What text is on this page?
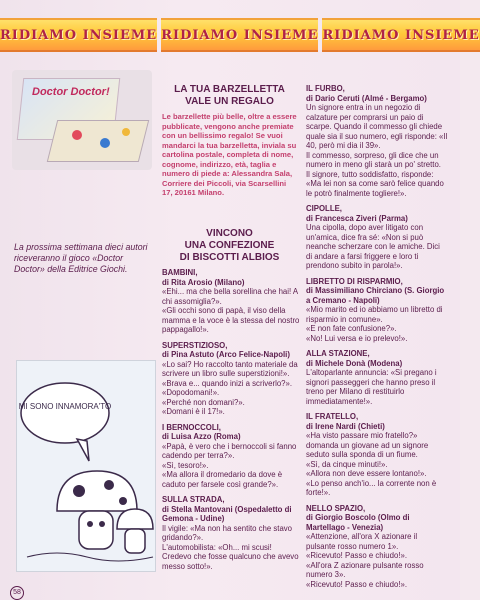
RIDIAMO INSIEME RIDIAMO INSIEME RIDIAMO INSIEME
Doctor Doctor!
La prossima settimana dieci autori riceveranno il gioco «Doctor Doctor» della Editrice Giochi.
LA TUA BARZELLETTA
VALE UN REGALO
Le barzellette più belle, oltre a essere pubblicate, vengono anche premiate con un bellissimo regalo! Se vuoi mandarci la tua barzelletta, inviala su cartolina postale, completa di nome, cognome, indirizzo, età, taglia e numero di piede a: Alessandra Sala, Corriere dei Piccoli, via Scarsellini 17, 20161 Milano.
VINCONO
UNA CONFEZIONE
DI BISCOTTI ALBIOS
BAMBINI,
di Rita Arosio (Milano)
«Ehi... ma che bella sorellina che hai! A chi assomiglia?».
«Gli occhi sono di papà, il viso della mamma e la voce è la stessa del nostro pappagallo!».
SUPERSTIZIOSO,
di Pina Astuto (Arco Felice-Napoli)
«Lo sai? Ho raccolto tanto materiale da scrivere un libro sulle superstizioni!».
«Brava e... quando inizi a scriverlo?».
«Dopodomani!».
«Perché non domani?».
«Domani è il 17!».
I BERNOCCOLI,
di Luisa Azzo (Roma)
«Papà, è vero che i bernoccoli si fanno cadendo per terra?».
«Sì, tesoro!».
«Ma allora il dromedario da dove è caduto per farsele così grande?».
SULLA STRADA,
di Stella Mantovani (Ospedaletto di Gemona - Udine)
Il vigile: «Ma non ha sentito che stavo gridando?».
L'automobilista: «Oh... mi scusi! Credevo che fosse qualcuno che avevo messo sotto!».
IL FURBO,
di Dario Ceruti (Almé - Bergamo)
Un signore entra in un negozio di calzature per comprarsi un paio di scarpe. Quando il commesso gli chiede quale sia il suo numero, egli risponde: «Il 40, però mi dia il 39».
Il commesso, sorpreso, gli dice che un numero in meno gli starà un po' stretto.
Il signore, tutto soddisfatto, risponde: «Ma lei non sa come sarò felice quando le potrò finalmente togliere!».
CIPOLLE,
di Francesca Ziveri (Parma)
Una cipolla, dopo aver litigato con un'amica, dice fra sé: «Non si può neanche scherzare con le amiche. Dici di andare a farsi friggere e loro ti prendono subito in parola!».
LIBRETTO DI RISPARMIO,
di Massimiliano Chirciano (S. Giorgio a Cremano - Napoli)
«Mio marito ed io abbiamo un libretto di risparmio in comune».
«E non fate confusione?».
«No! Lui versa e io prelevo!».
ALLA STAZIONE,
di Michele Donà (Modena)
L'altoparlante annuncia: «Si pregano i signori passeggeri che hanno preso il treno per Milano di restituirlo immediatamente!».
IL FRATELLO,
di Irene Nardi (Chieti)
«Ha visto passare mio fratello?» domanda un giovane ad un signore seduto sulla sponda di un fiume.
«Sì, da cinque minuti!».
«Allora non deve essere lontano!».
«Lo penso anch'io... la corrente non è forte!».
NELLO SPAZIO,
di Giorgio Boscolo (Olmo di Martellago - Venezia)
«Attenzione, all'ora X azionare il pulsante rosso numero 1».
«Ricevuto! Passo e chiudo!».
«All'ora Z azionare pulsante rosso numero 3».
«Ricevuto! Passo e chiudo!».
MI SONO INNAMORA'TO
58
